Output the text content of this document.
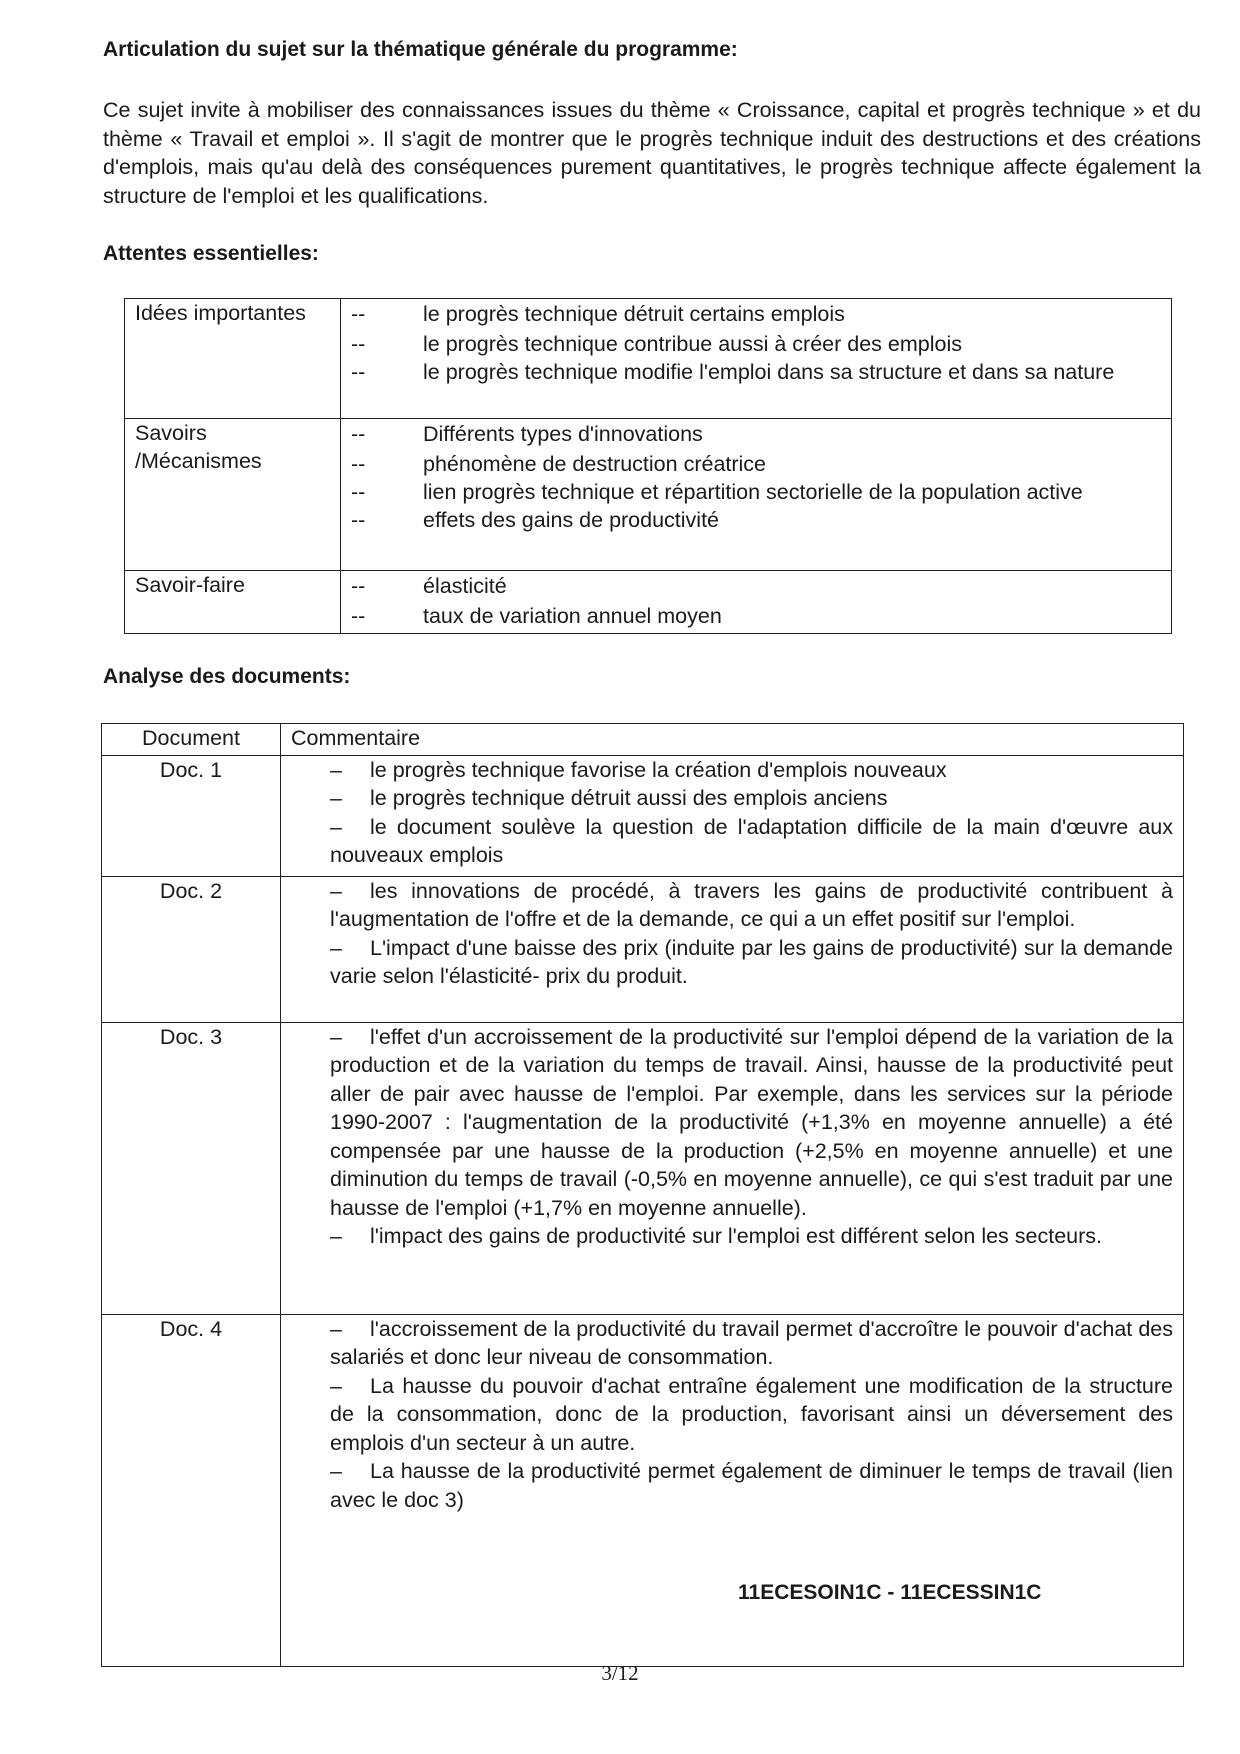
Articulation du sujet sur la thématique générale du programme:

Ce sujet invite à mobiliser des connaissances issues du thème « Croissance, capital et progrès technique » et du thème « Travail et emploi ». Il s'agit de montrer que le progrès technique induit des destructions et des créations d'emplois, mais qu'au delà des conséquences purement quantitatives, le progrès technique affecte également la structure de l'emploi et les qualifications.

Attentes essentielles:

Idées importantes	-- le progrès technique détruit certains emplois
-- le progrès technique contribue aussi à créer des emplois
-- le progrès technique modifie l'emploi dans sa structure et dans sa nature

Savoirs /Mécanismes	-- Différents types d'innovations
-- phénomène de destruction créatrice
-- lien progrès technique et répartition sectorielle de la population active
-- effets des gains de productivité

Savoir-faire	-- élasticité
-- taux de variation annuel moyen

Analyse des documents:

Document	Commentaire
Doc. 1	– le progrès technique favorise la création d'emplois nouveaux

– le progrès technique détruit aussi des emplois anciens

– le document soulève la question de l'adaptation difficile de la main d'œuvre aux nouveaux emplois

Doc. 2	– les innovations de procédé, à travers les gains de productivité contribuent à l'augmentation de l'offre et de la demande, ce qui a un effet positif sur l'emploi.

– L'impact d'une baisse des prix (induite par les gains de productivité) sur la demande varie selon l'élasticité- prix du produit.

Doc. 3	– l'effet d'un accroissement de la productivité sur l'emploi dépend de la variation de la production et de la variation du temps de travail. Ainsi, hausse de la productivité peut aller de pair avec hausse de l'emploi. Par exemple, dans les services sur la période 1990-2007 : l'augmentation de la productivité (+1,3% en moyenne annuelle) a été compensée par une hausse de la production (+2,5% en moyenne annuelle) et une diminution du temps de travail (-0,5% en moyenne annuelle), ce qui s'est traduit par une hausse de l'emploi (+1,7% en moyenne annuelle).

– l'impact des gains de productivité sur l'emploi est différent selon les secteurs.

Doc. 4	– l'accroissement de la productivité du travail permet d'accroître le pouvoir d'achat des salariés et donc leur niveau de consommation.

– La hausse du pouvoir d'achat entraîne également une modification de la structure de la consommation, donc de la production, favorisant ainsi un déversement des emplois d'un secteur à un autre.

– La hausse de la productivité permet également de diminuer le temps de travail (lien avec le doc 3)

11ECESOIN1C - 11ECESSIN1C
3/12
